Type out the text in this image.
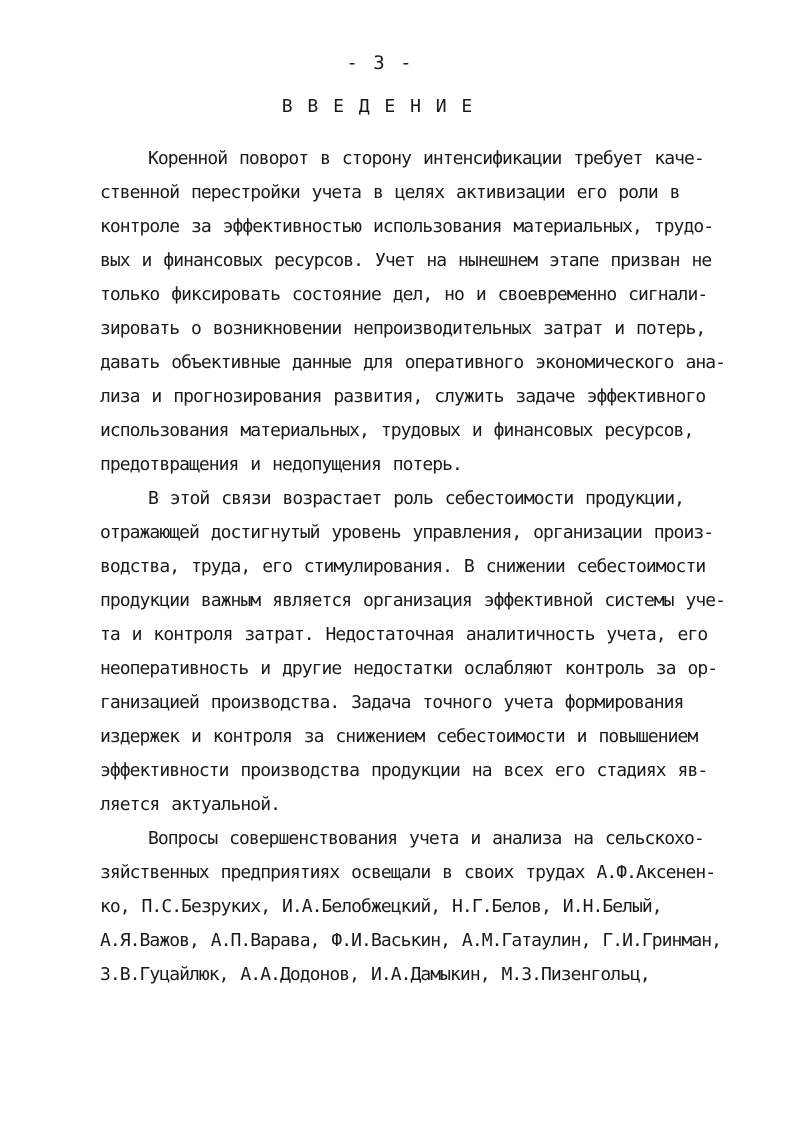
- 3 -
В В Е Д Е Н И Е
Коренной поворот в сторону интенсификации требует каче-
ственной перестройки учета в целях активизации его роли в
контроле за эффективностью использования материальных, трудо-
вых и финансовых ресурсов. Учет на нынешнем этапе призван не
только фиксировать состояние дел, но и своевременно сигнали-
зировать о возникновении непроизводительных затрат и потерь,
давать объективные данные для оперативного экономического ана-
лиза и прогнозирования развития, служить задаче эффективного
использования материальных, трудовых и финансовых ресурсов,
предотвращения и недопущения потерь.
В этой связи возрастает роль себестоимости продукции,
отражающей достигнутый уровень управления, организации произ-
водства, труда, его стимулирования. В снижении себестоимости
продукции важным является организация эффективной системы уче-
та и контроля затрат. Недостаточная аналитичность учета, его
неоперативность и другие недостатки ослабляют контроль за ор-
ганизацией производства. Задача точного учета формирования
издержек и контроля за снижением себестоимости и повышением
эффективности производства продукции на всех его стадиях яв-
ляется актуальной.
Вопросы совершенствования учета и анализа на сельскохо-
зяйственных предприятиях освещали в своих трудах А.Ф.Аксенен-
ко, П.С.Безруких, И.А.Белобжецкий, Н.Г.Белов, И.Н.Белый,
А.Я.Важов, А.П.Варава, Ф.И.Васькин, А.М.Гатаулин, Г.И.Гринман,
З.В.Гуцайлюк, А.А.Додонов, И.А.Дамыкин, М.З.Пизенгольц,
